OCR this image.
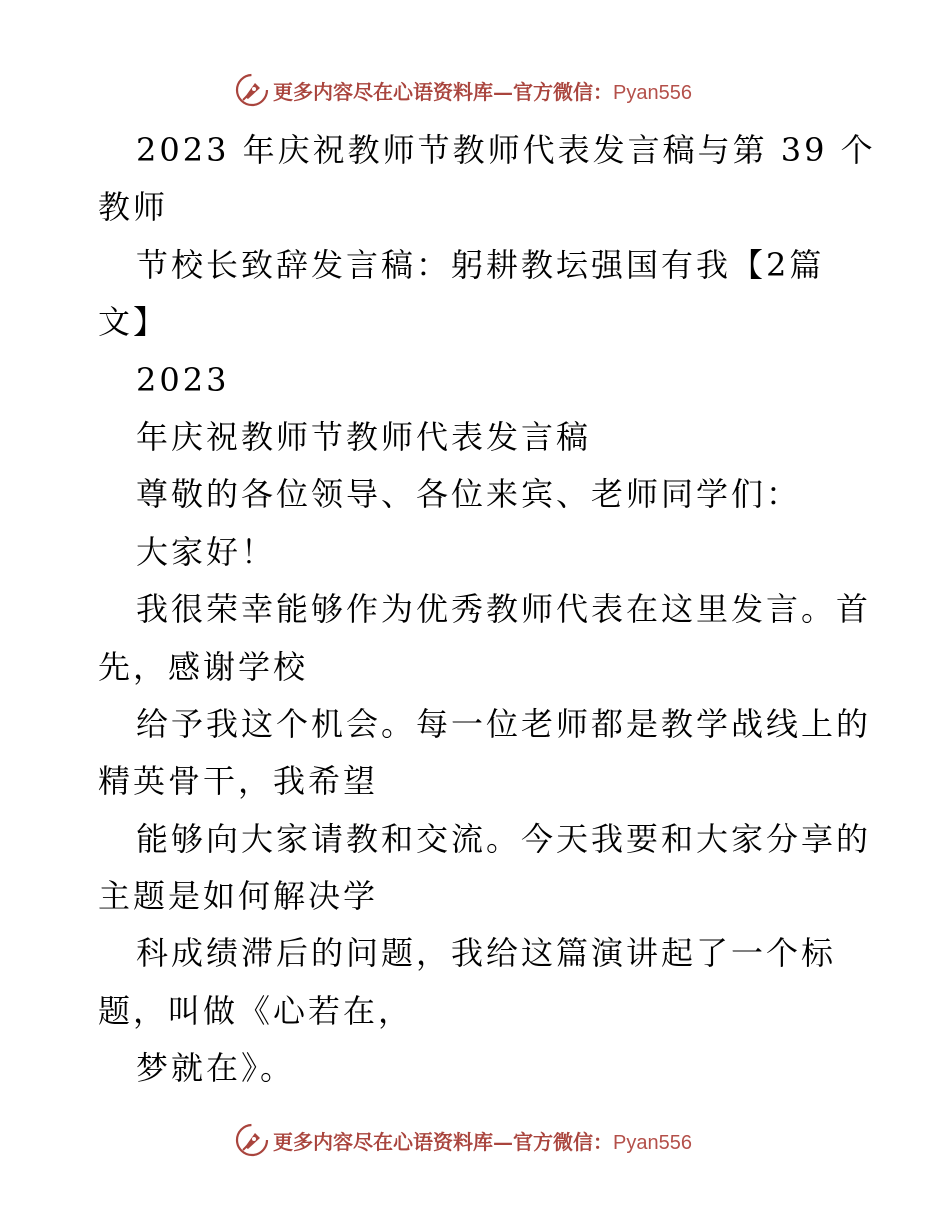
更多内容尽在心语资料库—官方微信：Pyan556
2023 年庆祝教师节教师代表发言稿与第 39 个
教师
节校长致辞发言稿：躬耕教坛强国有我【2篇
文】
2023
年庆祝教师节教师代表发言稿
尊敬的各位领导、各位来宾、老师同学们：
大家好！
我很荣幸能够作为优秀教师代表在这里发言。首
先，感谢学校
给予我这个机会。每一位老师都是教学战线上的
精英骨干，我希望
能够向大家请教和交流。今天我要和大家分享的
主题是如何解决学
科成绩滞后的问题，我给这篇演讲起了一个标
题，叫做《心若在，
梦就在》。
更多内容尽在心语资料库—官方微信：Pyan556
